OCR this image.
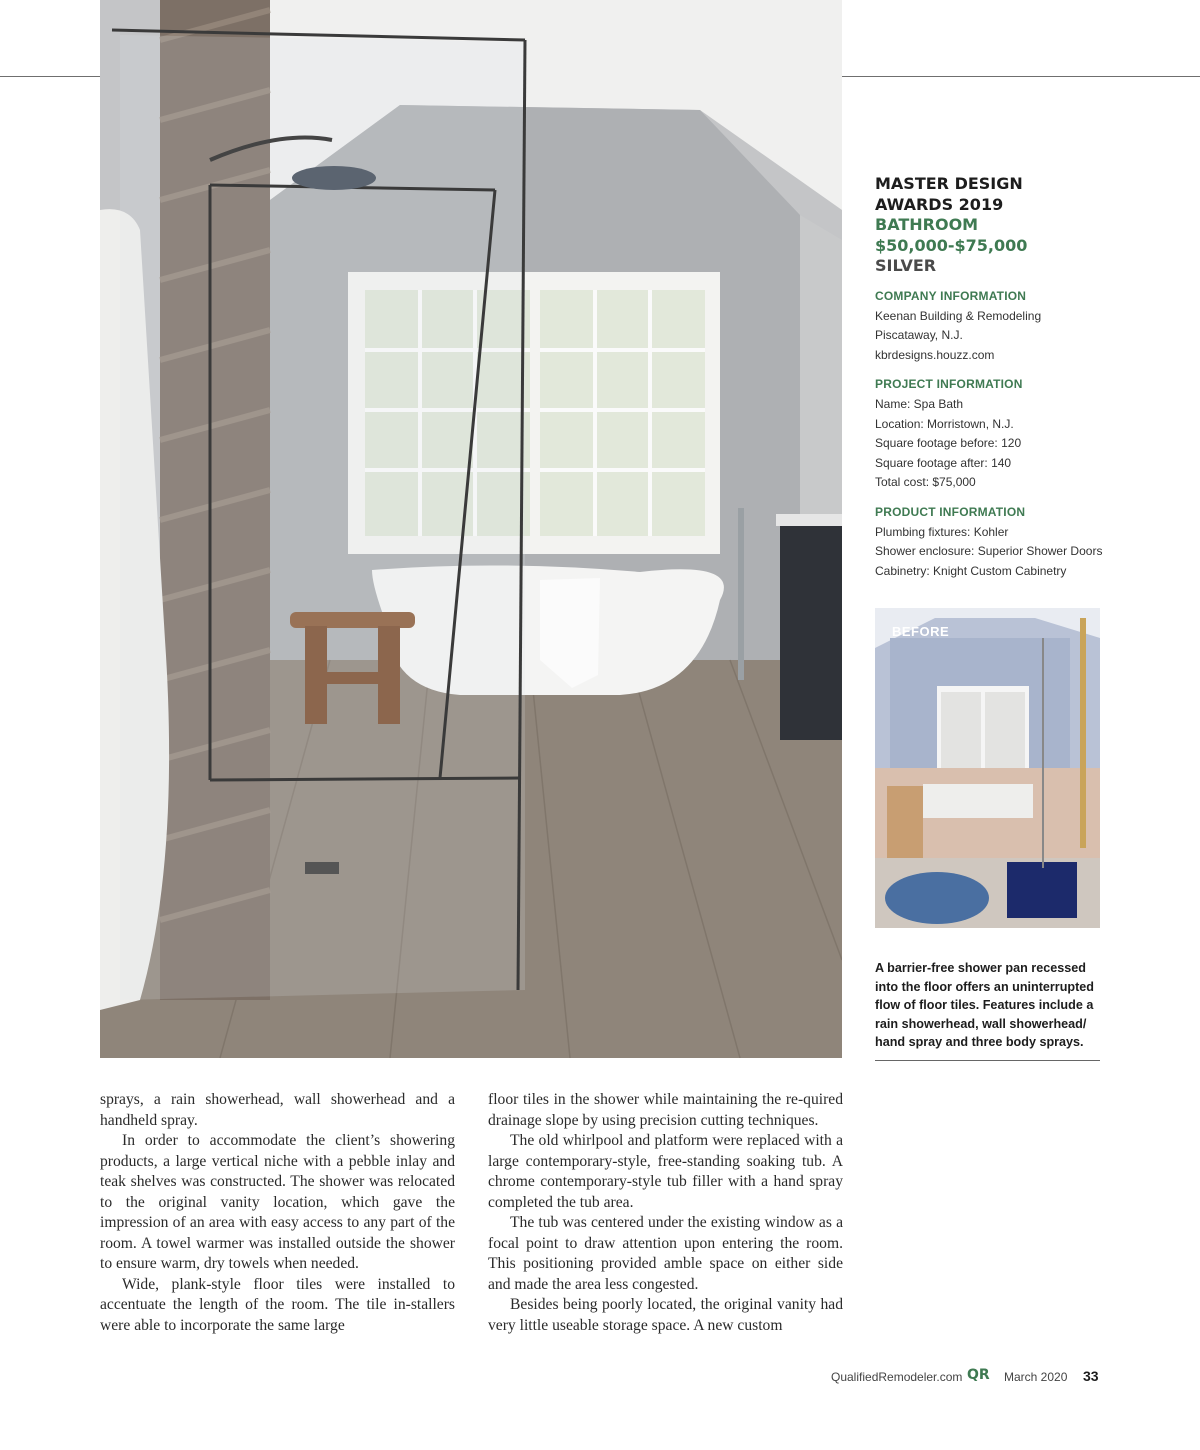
MASTER DESIGN
AWARDS 2019
BATHROOM
$50,000-$75,000
SILVER
COMPANY INFORMATION
Keenan Building & Remodeling
Piscataway, N.J.
kbrdesigns.houzz.com
PROJECT INFORMATION
Name: Spa Bath
Location: Morristown, N.J.
Square footage before: 120
Square footage after: 140
Total cost: $75,000
PRODUCT INFORMATION
Plumbing fixtures: Kohler
Shower enclosure: Superior Shower Doors
Cabinetry: Knight Custom Cabinetry
BEFORE
A barrier-free shower pan recessed into the floor offers an uninterrupted flow of floor tiles. Features include a rain showerhead, wall showerhead/ hand spray and three body sprays.

sprays, a rain showerhead, wall showerhead and a handheld spray.

In order to accommodate the client’s showering products, a large vertical niche with a pebble inlay and teak shelves was constructed. The shower was relocated to the original vanity location, which gave the impression of an area with easy access to any part of the room. A towel warmer was installed outside the shower to ensure warm, dry towels when needed.

Wide, plank-style floor tiles were installed to accentuate the length of the room. The tile in-stallers were able to incorporate the same large

floor tiles in the shower while maintaining the re-quired drainage slope by using precision cutting techniques.

The old whirlpool and platform were replaced with a large contemporary-style, free-standing soaking tub. A chrome contemporary-style tub filler with a hand spray completed the tub area.

The tub was centered under the existing window as a focal point to draw attention upon entering the room. This positioning provided amble space on either side and made the area less congested.

Besides being poorly located, the original vanity had very little useable storage space. A new custom

QualifiedRemodeler.com QR March 2020 33
